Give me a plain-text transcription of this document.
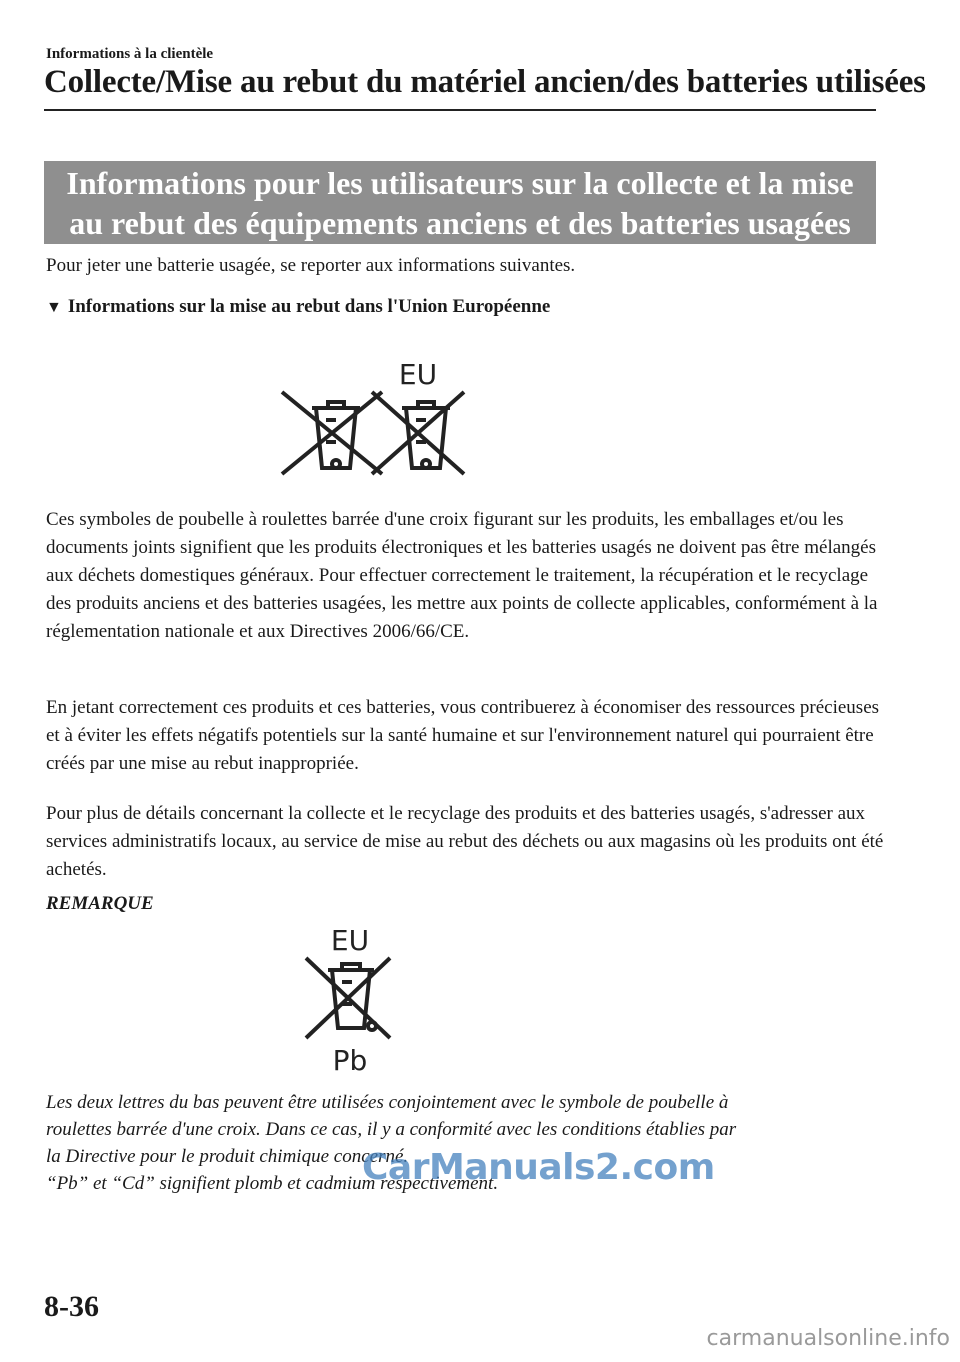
Informations à la clientèle
Collecte/Mise au rebut du matériel ancien/des batteries utilisées
Informations pour les utilisateurs sur la collecte et la mise
au rebut des équipements anciens et des batteries usagées

Pour jeter une batterie usagée, se reporter aux informations suivantes.

▼ Informations sur la mise au rebut dans l'Union Européenne
EU

Ces symboles de poubelle à roulettes barrée d'une croix figurant sur les produits, les emballages et/ou les documents joints signifient que les produits électroniques et les batteries usagés ne doivent pas être mélangés aux déchets domestiques généraux. Pour effectuer correctement le traitement, la récupération et le recyclage des produits anciens et des batteries usagées, les mettre aux points de collecte applicables, conformément à la réglementation nationale et aux Directives 2006/66/CE.

En jetant correctement ces produits et ces batteries, vous contribuerez à économiser des ressources précieuses et à éviter les effets négatifs potentiels sur la santé humaine et sur l'environnement naturel qui pourraient être créés par une mise au rebut inappropriée.

Pour plus de détails concernant la collecte et le recyclage des produits et des batteries usagés, s'adresser aux services administratifs locaux, au service de mise au rebut des déchets ou aux magasins où les produits ont été achetés.

REMARQUE
EU
Pb
Les deux lettres du bas peuvent être utilisées conjointement avec le symbole de poubelle à
roulettes barrée d'une croix. Dans ce cas, il y a conformité avec les conditions établies par
la Directive pour le produit chimique concerné.
“Pb” et “Cd” signifient plomb et cadmium respectivement.
CarManuals2.com
8-36
carmanualsonline.info
